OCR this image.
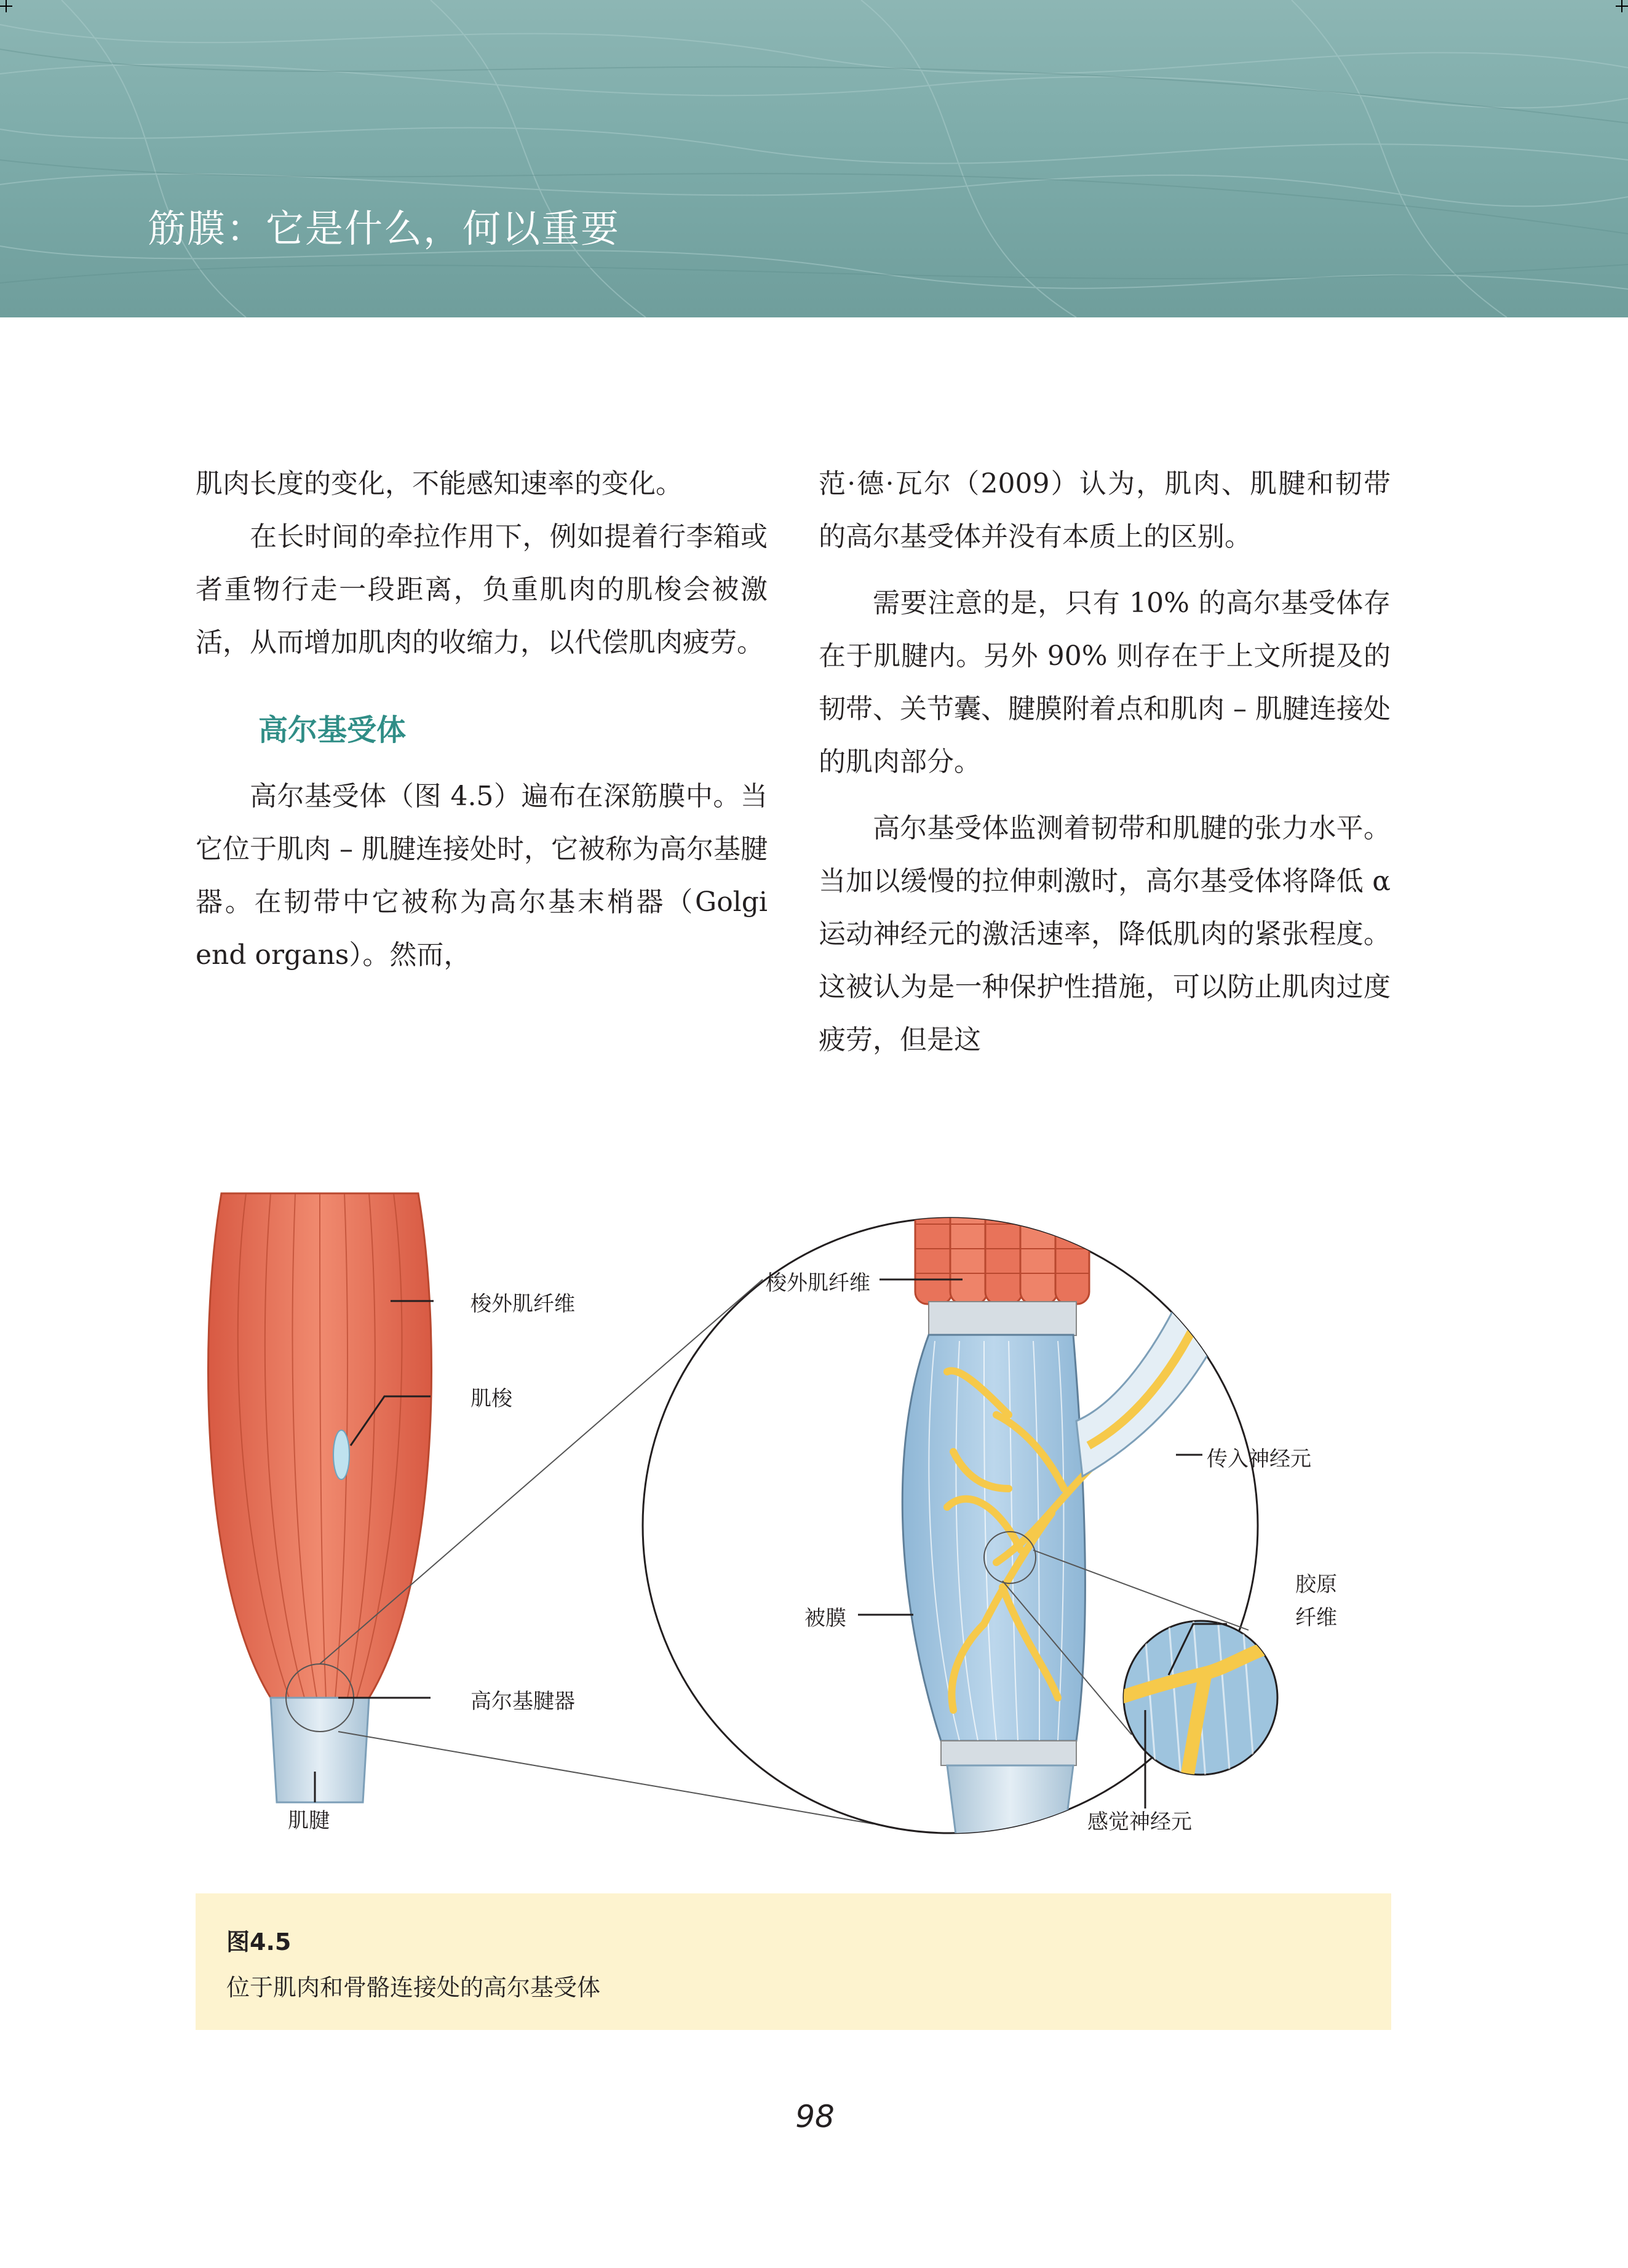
筋膜：它是什么，何以重要

肌肉长度的变化，不能感知速率的变化。

在长时间的牵拉作用下，例如提着行李箱或者重物行走一段距离，负重肌肉的肌梭会被激活，从而增加肌肉的收缩力，以代偿肌肉疲劳。

高尔基受体

高尔基受体（图 4.5）遍布在深筋膜中。当它位于肌肉 – 肌腱连接处时，它被称为高尔基腱器。在韧带中它被称为高尔基末梢器（Golgi end organs）。然而，

范·德·瓦尔（2009）认为，肌肉、肌腱和韧带的高尔基受体并没有本质上的区别。

需要注意的是，只有 10% 的高尔基受体存在于肌腱内。另外 90% 则存在于上文所提及的韧带、关节囊、腱膜附着点和肌肉 – 肌腱连接处的肌肉部分。

高尔基受体监测着韧带和肌腱的张力水平。当加以缓慢的拉伸刺激时，高尔基受体将降低 α 运动神经元的激活速率，降低肌肉的紧张程度。这被认为是一种保护性措施，可以防止肌肉过度疲劳，但是这

梭外肌纤维
肌梭
高尔基腱器
肌腱
梭外肌纤维
传入神经元
被膜
胶原
纤维
感觉神经元
图4.5
位于肌肉和骨骼连接处的高尔基受体
98
